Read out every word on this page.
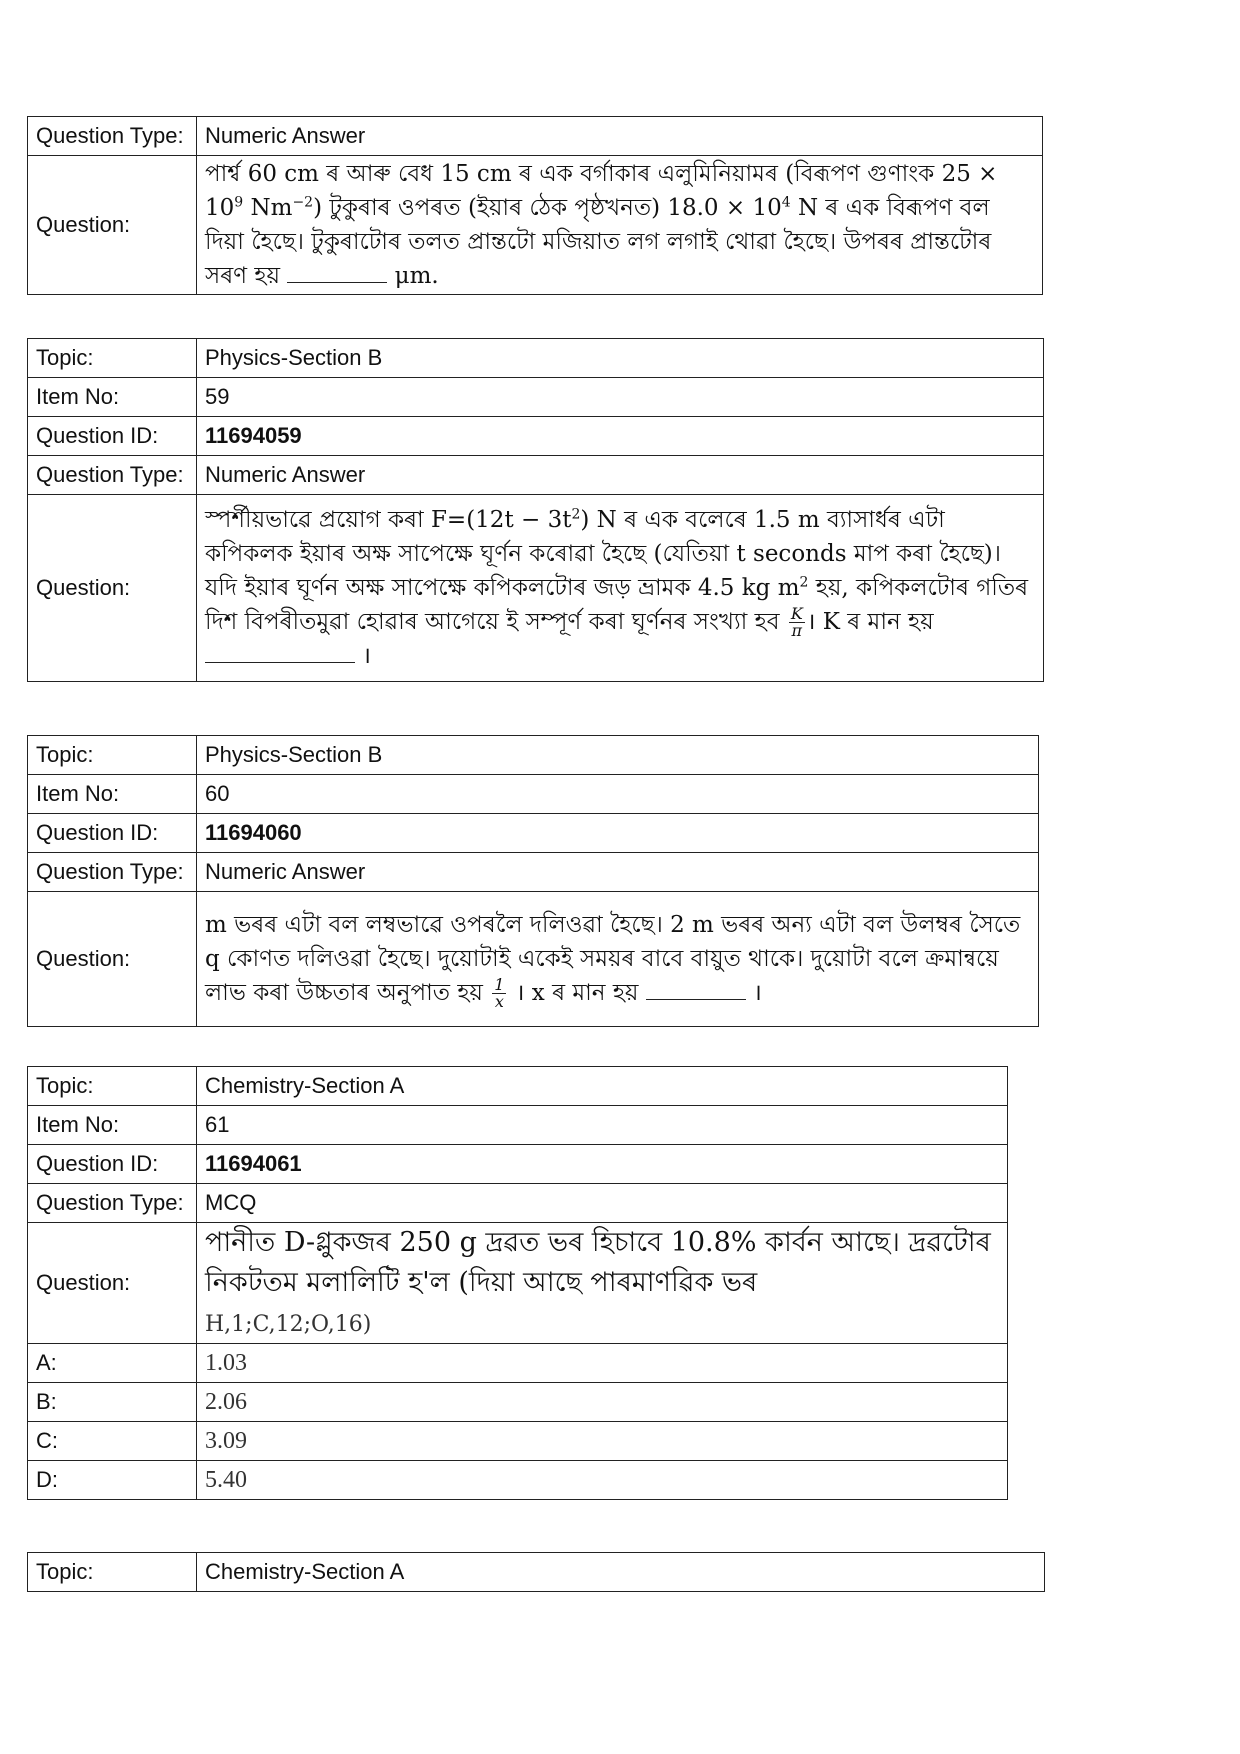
Question Type:	Numeric Answer
Question:	পাৰ্শ্ব 60 cm ৰ আৰু বেধ 15 cm ৰ এক বৰ্গাকাৰ এলুমিনিয়ামৰ (বিৰূপণ গুণাংক $25 \times 10^9$ $Nm^{-2}$) টুকুৰাৰ ওপৰত (ইয়াৰ ঠেক পৃষ্ঠখনত) $18.0 \times 10^4$ N ৰ এক বিৰূপণ বল দিয়া হৈছে। টুকুৰাটোৰ তলত প্ৰান্তটো মজিয়াত লগ লগাই থোৱা হৈছে। উপৰৰ প্ৰান্তটোৰ সৰণ হয় μm.
Topic:	Physics-Section B
Item No:	59
Question ID:	11694059
Question Type:	Numeric Answer
Question:	স্পৰ্শীয়ভাৱে প্ৰয়োগ কৰা $F=(12t - 3t^2)$ N ৰ এক বলেৰে 1.5 m ব্যাসাৰ্ধৰ এটা কপিকলক ইয়াৰ অক্ষ সাপেক্ষে ঘূৰ্ণন কৰোৱা হৈছে (যেতিয়া t seconds মাপ কৰা হৈছে)। যদি ইয়াৰ ঘূৰ্ণন অক্ষ সাপেক্ষে কপিকলটোৰ জড় ভ্ৰামক 4.5 kg $m^2$ হয়, কপিকলটোৰ গতিৰ দিশ বিপৰীতমুৱা হোৱাৰ আগেয়ে ই সম্পূৰ্ণ কৰা ঘূৰ্ণনৰ সংখ্যা হব $\frac{K}{\pi}$ । K ৰ মান হয়  ।
Topic:	Physics-Section B
Item No:	60
Question ID:	11694060
Question Type:	Numeric Answer
Question:	m ভৰৰ এটা বল লম্বভাৱে ওপৰলৈ দলিওৱা হৈছে। 2 m ভৰৰ অন্য এটা বল উলম্বৰ সৈতে q কোণত দলিওৱা হৈছে। দুয়োটাই একেই সময়ৰ বাবে বায়ুত থাকে। দুয়োটা বলে ক্ৰমান্বয়ে লাভ কৰা উচ্চতাৰ অনুপাত হয় $\frac{1}{x}$ । x ৰ মান হয় ।
Topic:	Chemistry-Section A
Item No:	61
Question ID:	11694061
Question Type:	MCQ
Question:	পানীত D-গ্লুকজৰ 250 g দ্ৰৱত ভৰ হিচাবে 10.8% কাৰ্বন আছে। দ্ৰৱটোৰ নিকটতম মলালিটি হ'ল (দিয়া আছে পাৰমাণৱিক ভৰ
H,1;C,12;O,16)
A:	1.03
B:	2.06
C:	3.09
D:	5.40
Topic:	Chemistry-Section A
